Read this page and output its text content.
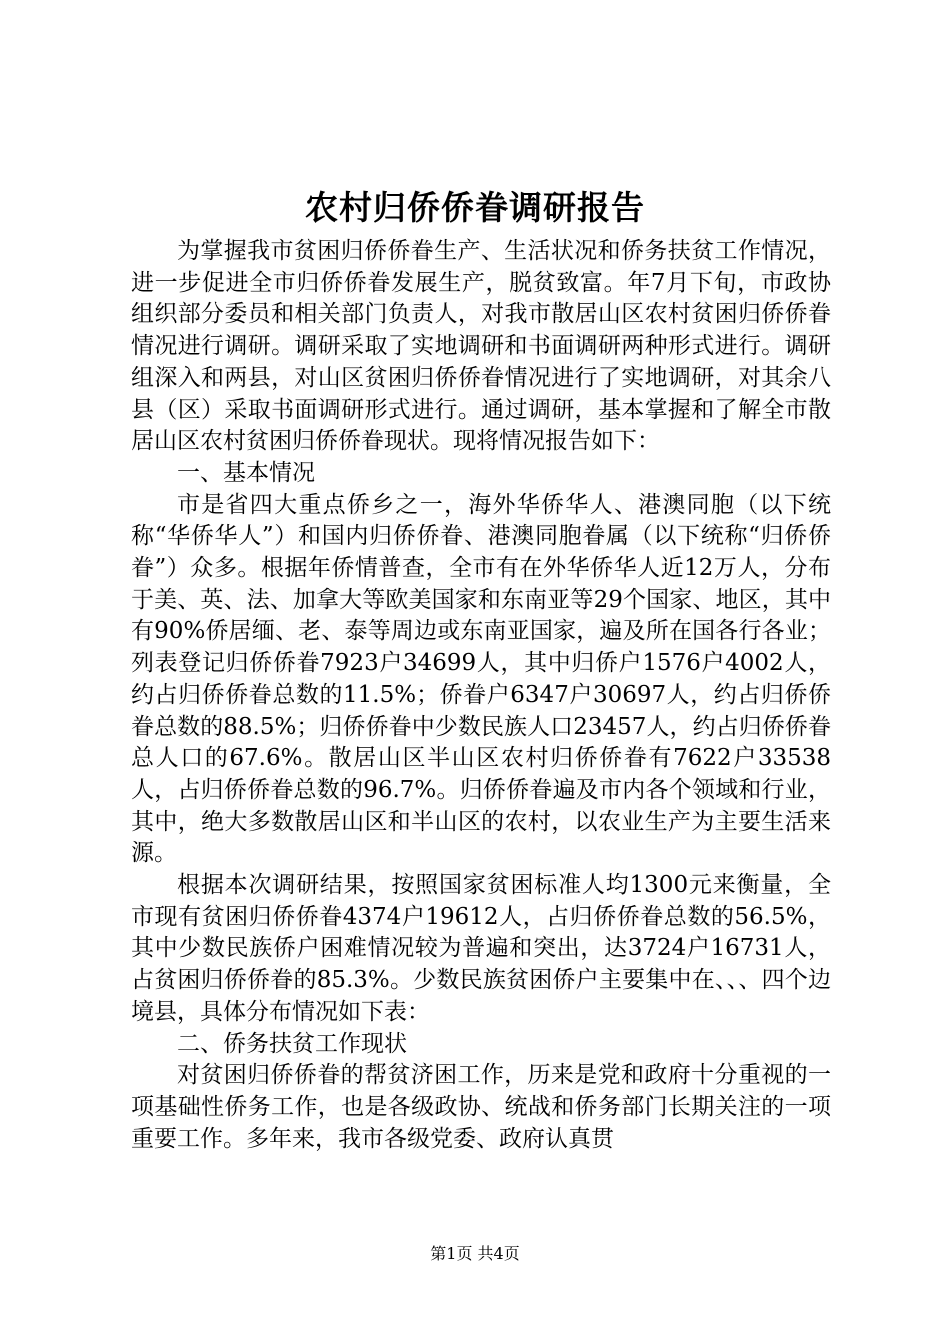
农村归侨侨眷调研报告

为掌握我市贫困归侨侨眷生产、生活状况和侨务扶贫工作情况，进一步促进全市归侨侨眷发展生产，脱贫致富。年7月下旬，市政协组织部分委员和相关部门负责人，对我市散居山区农村贫困归侨侨眷情况进行调研。调研采取了实地调研和书面调研两种形式进行。调研组深入和两县，对山区贫困归侨侨眷情况进行了实地调研，对其余八县（区）采取书面调研形式进行。通过调研，基本掌握和了解全市散居山区农村贫困归侨侨眷现状。现将情况报告如下：

一、基本情况

市是省四大重点侨乡之一，海外华侨华人、港澳同胞（以下统称“华侨华人”）和国内归侨侨眷、港澳同胞眷属（以下统称“归侨侨眷”）众多。根据年侨情普查，全市有在外华侨华人近12万人，分布于美、英、法、加拿大等欧美国家和东南亚等29个国家、地区，其中有90%侨居缅、老、泰等周边或东南亚国家，遍及所在国各行各业；列表登记归侨侨眷7923户34699人，其中归侨户1576户4002人，约占归侨侨眷总数的11.5%；侨眷户6347户30697人，约占归侨侨眷总数的88.5%；归侨侨眷中少数民族人口23457人，约占归侨侨眷总人口的67.6%。散居山区半山区农村归侨侨眷有7622户33538人，占归侨侨眷总数的96.7%。归侨侨眷遍及市内各个领域和行业，其中，绝大多数散居山区和半山区的农村，以农业生产为主要生活来源。

根据本次调研结果，按照国家贫困标准人均1300元来衡量，全市现有贫困归侨侨眷4374户19612人，占归侨侨眷总数的56.5%，其中少数民族侨户困难情况较为普遍和突出，达3724户16731人，占贫困归侨侨眷的85.3%。少数民族贫困侨户主要集中在、、、四个边境县，具体分布情况如下表：

二、侨务扶贫工作现状

对贫困归侨侨眷的帮贫济困工作，历来是党和政府十分重视的一项基础性侨务工作，也是各级政协、统战和侨务部门长期关注的一项重要工作。多年来，我市各级党委、政府认真贯

第1页 共4页
